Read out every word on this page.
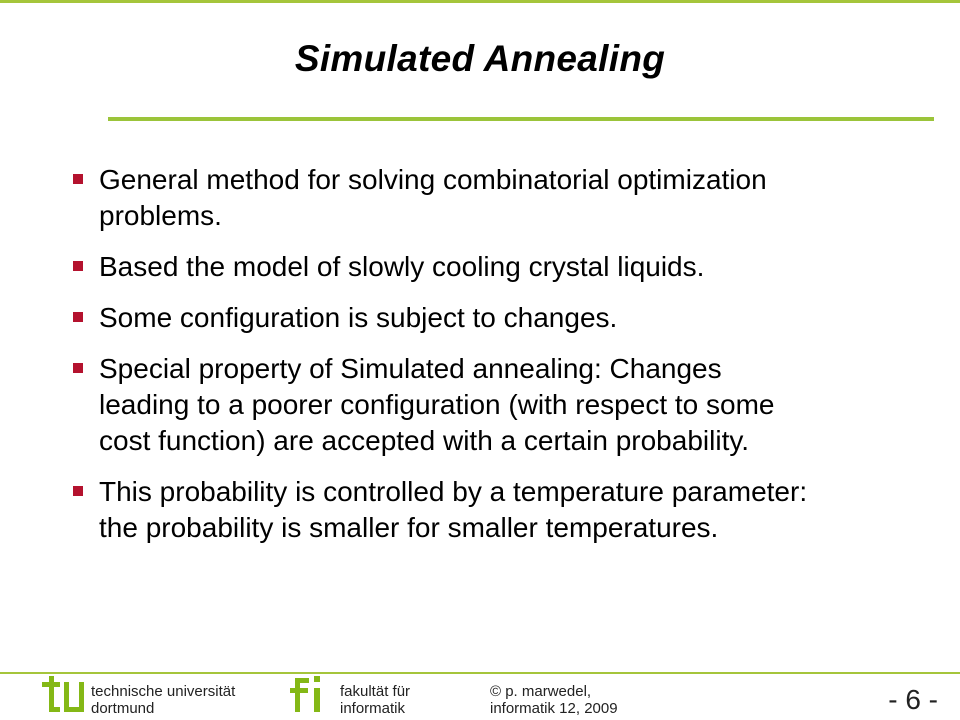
Simulated Annealing
General method for solving combinatorial optimization problems.
Based the model of slowly cooling crystal liquids.
Some configuration is subject to changes.
Special property of Simulated annealing: Changes leading to a poorer configuration (with respect to some cost function) are accepted with a certain probability.
This probability is controlled by a temperature parameter: the probability is smaller for smaller temperatures.
technische universität
dortmund
fakultät für
informatik
© p. marwedel,
informatik 12, 2009	- 6 -
